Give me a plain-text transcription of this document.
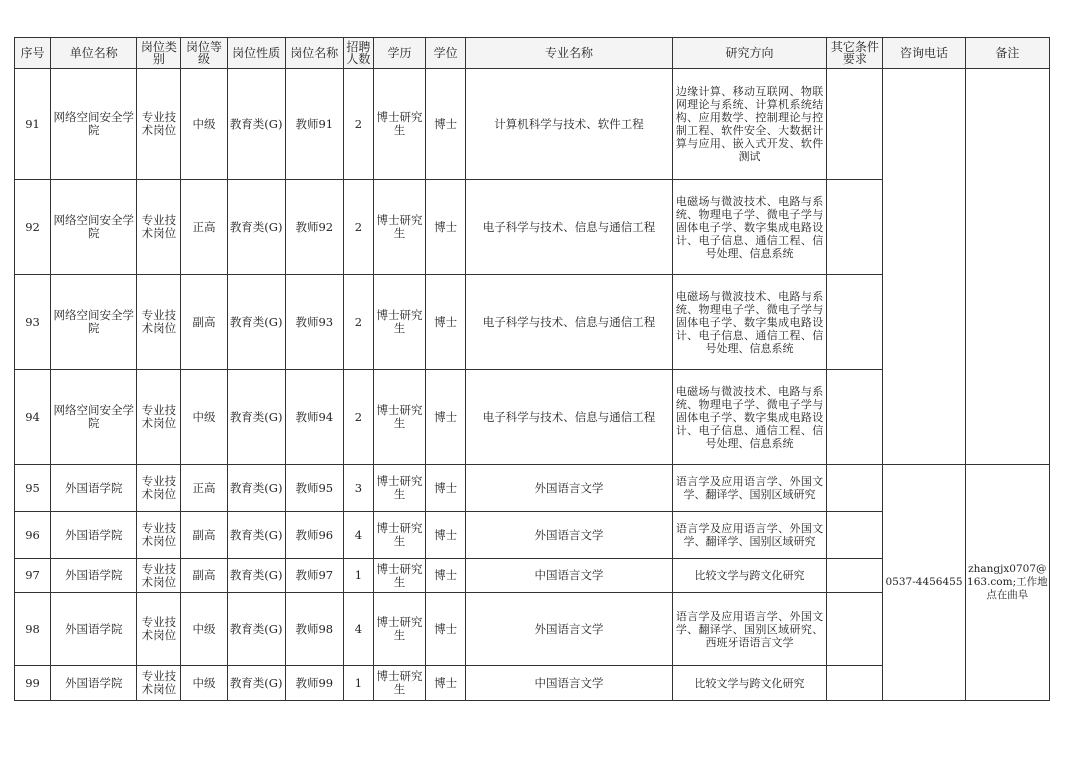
序号	单位名称	岗位类别	岗位等级	岗位性质	岗位名称	招聘人数	学历	学位	专业名称	研究方向	其它条件要求	咨询电话	备注
91	网络空间安全学院	专业技术岗位	中级	教育类(G)	教师91	2	博士研究生	博士	计算机科学与技术、软件工程	边缘计算、移动互联网、物联网理论与系统、计算机系统结构、应用数学、控制理论与控制工程、软件安全、大数据计算与应用、嵌入式开发、软件测试			
92	网络空间安全学院	专业技术岗位	正高	教育类(G)	教师92	2	博士研究生	博士	电子科学与技术、信息与通信工程	电磁场与微波技术、电路与系统、物理电子学、微电子学与固体电子学、数字集成电路设计、电子信息、通信工程、信号处理、信息系统			
93	网络空间安全学院	专业技术岗位	副高	教育类(G)	教师93	2	博士研究生	博士	电子科学与技术、信息与通信工程	电磁场与微波技术、电路与系统、物理电子学、微电子学与固体电子学、数字集成电路设计、电子信息、通信工程、信号处理、信息系统			
94	网络空间安全学院	专业技术岗位	中级	教育类(G)	教师94	2	博士研究生	博士	电子科学与技术、信息与通信工程	电磁场与微波技术、电路与系统、物理电子学、微电子学与固体电子学、数字集成电路设计、电子信息、通信工程、信号处理、信息系统			
95	外国语学院	专业技术岗位	正高	教育类(G)	教师95	3	博士研究生	博士	外国语言文学	语言学及应用语言学、外国文学、翻译学、国别区域研究		0537-4456455	zhangjx0707@163.com;工作地点在曲阜
96	外国语学院	专业技术岗位	副高	教育类(G)	教师96	4	博士研究生	博士	外国语言文学	语言学及应用语言学、外国文学、翻译学、国别区域研究			
97	外国语学院	专业技术岗位	副高	教育类(G)	教师97	1	博士研究生	博士	中国语言文学	比较文学与跨文化研究			
98	外国语学院	专业技术岗位	中级	教育类(G)	教师98	4	博士研究生	博士	外国语言文学	语言学及应用语言学、外国文学、翻译学、国别区域研究、西班牙语语言文学			
99	外国语学院	专业技术岗位	中级	教育类(G)	教师99	1	博士研究生	博士	中国语言文学	比较文学与跨文化研究			
